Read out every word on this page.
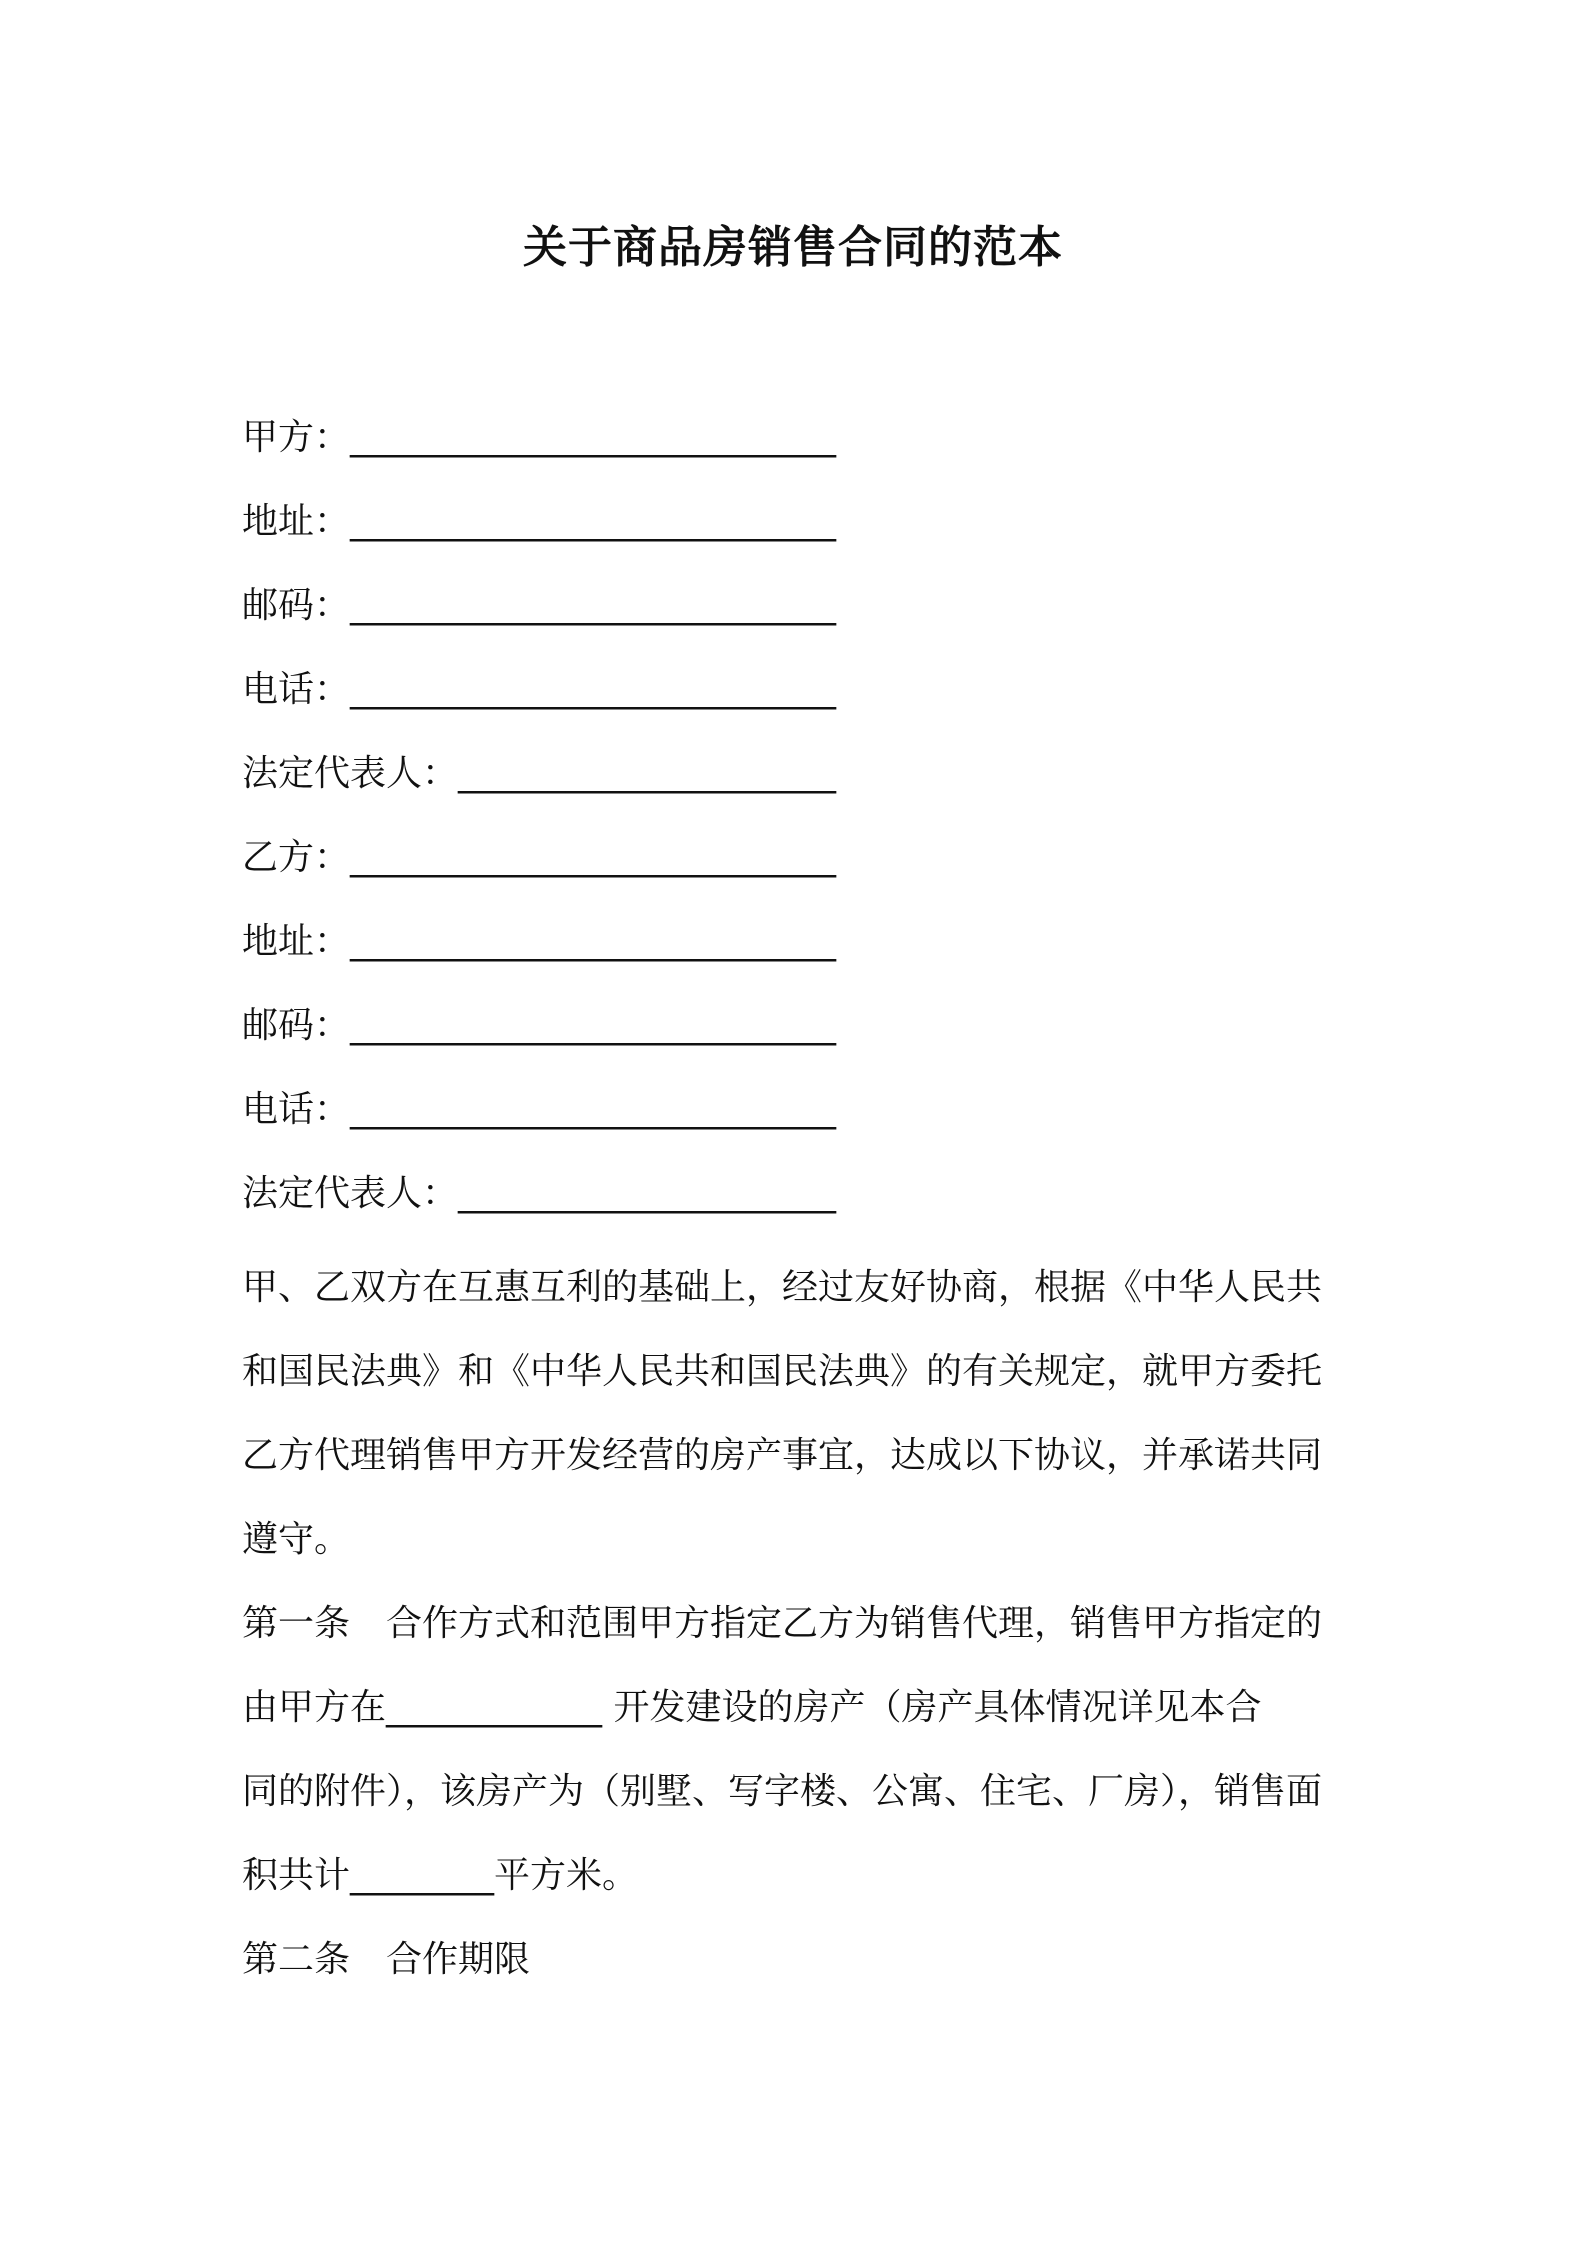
关于商品房销售合同的范本
甲方：___________________________
地址：___________________________
邮码：___________________________
电话：___________________________
法定代表人：_____________________
乙方：___________________________
地址：___________________________
邮码：___________________________
电话：___________________________
法定代表人：_____________________
甲、乙双方在互惠互利的基础上，经过友好协商，根据《中华人民共
和国民法典》和《中华人民共和国民法典》的有关规定，就甲方委托
乙方代理销售甲方开发经营的房产事宜，达成以下协议，并承诺共同
遵守。
第一条 合作方式和范围甲方指定乙方为销售代理，销售甲方指定的
由甲方在____________ 开发建设的房产（房产具体情况详见本合
同的附件），该房产为（别墅、写字楼、公寓、住宅、厂房），销售面
积共计________平方米。
第二条 合作期限
